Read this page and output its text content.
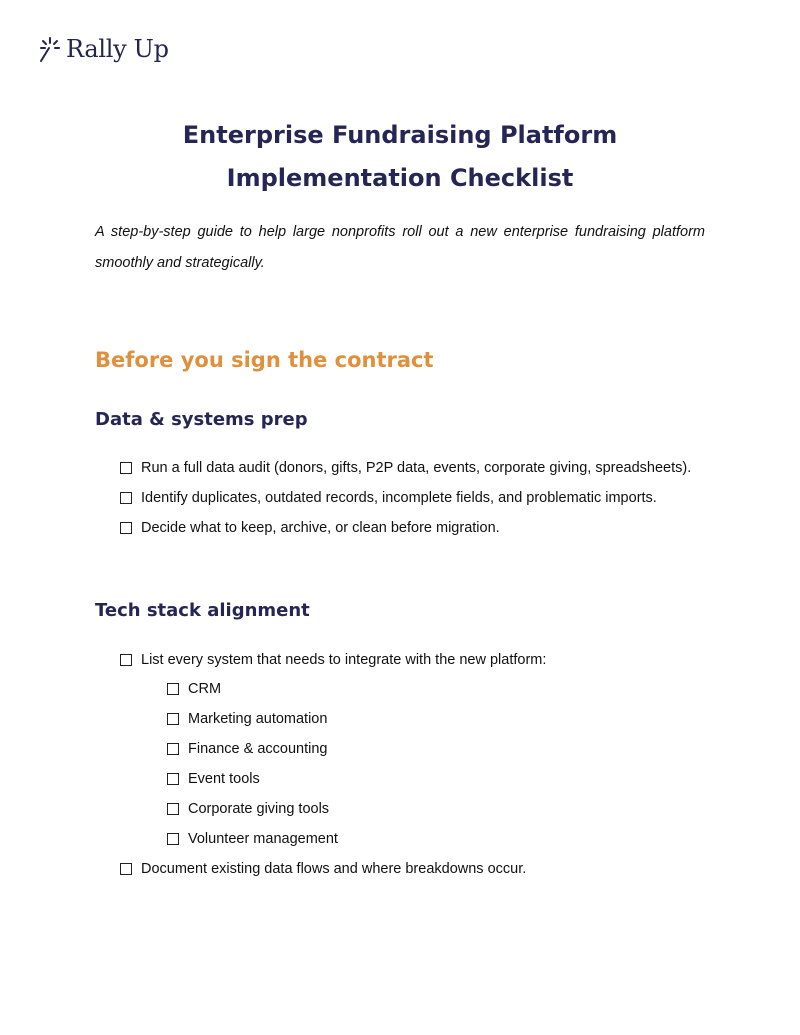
Rally Up
Enterprise Fundraising Platform
Implementation Checklist

A step-by-step guide to help large nonprofits roll out a new enterprise fundraising platform smoothly and strategically.

Before you sign the contract
Data & systems prep
Run a full data audit (donors, gifts, P2P data, events, corporate giving, spreadsheets).
Identify duplicates, outdated records, incomplete fields, and problematic imports.
Decide what to keep, archive, or clean before migration.
Tech stack alignment
List every system that needs to integrate with the new platform:
CRM
Marketing automation
Finance & accounting
Event tools
Corporate giving tools
Volunteer management
Document existing data flows and where breakdowns occur.
